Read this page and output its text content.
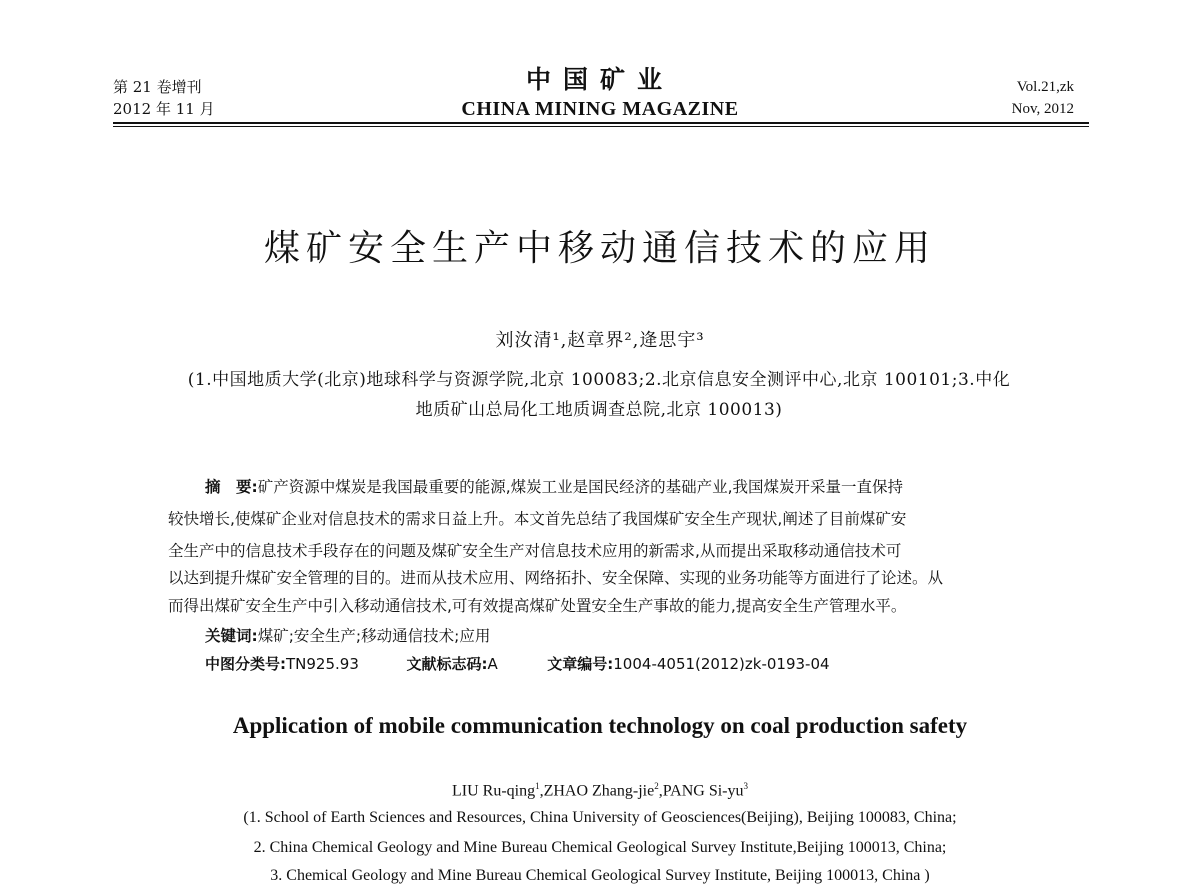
第 21 卷增刊
2012 年 11 月
中国矿业
CHINA MINING MAGAZINE
Vol.21,zk
Nov, 2012
煤矿安全生产中移动通信技术的应用
刘汝清¹,赵章界²,逄思宇³
(1.中国地质大学(北京)地球科学与资源学院,北京 100083;2.北京信息安全测评中心,北京 100101;3.中化
地质矿山总局化工地质调查总院,北京 100013)
摘　要:矿产资源中煤炭是我国最重要的能源,煤炭工业是国民经济的基础产业,我国煤炭开采量一直保持
较快增长,使煤矿企业对信息技术的需求日益上升。本文首先总结了我国煤矿安全生产现状,阐述了目前煤矿安
全生产中的信息技术手段存在的问题及煤矿安全生产对信息技术应用的新需求,从而提出采取移动通信技术可
以达到提升煤矿安全管理的目的。进而从技术应用、网络拓扑、安全保障、实现的业务功能等方面进行了论述。从
而得出煤矿安全生产中引入移动通信技术,可有效提高煤矿处置安全生产事故的能力,提高安全生产管理水平。
关键词:煤矿;安全生产;移动通信技术;应用
中图分类号:TN925.93	文献标志码:A	文章编号:1004-4051(2012)zk-0193-04
Application of mobile communication technology on coal production safety
LIU Ru-qing$^1$,ZHAO Zhang-jie$^2$,PANG $Si-yu^3$
(1. School of Earth Sciences and Resources, China University of Geosciences(Beijing), Beijing 100083, China;
2. China Chemical Geology and Mine Bureau Chemical Geological Survey Institute,Beijing 100013, China;
3. Chemical Geology and Mine Bureau Chemical Geological Survey Institute, Beijing 100013, China )
